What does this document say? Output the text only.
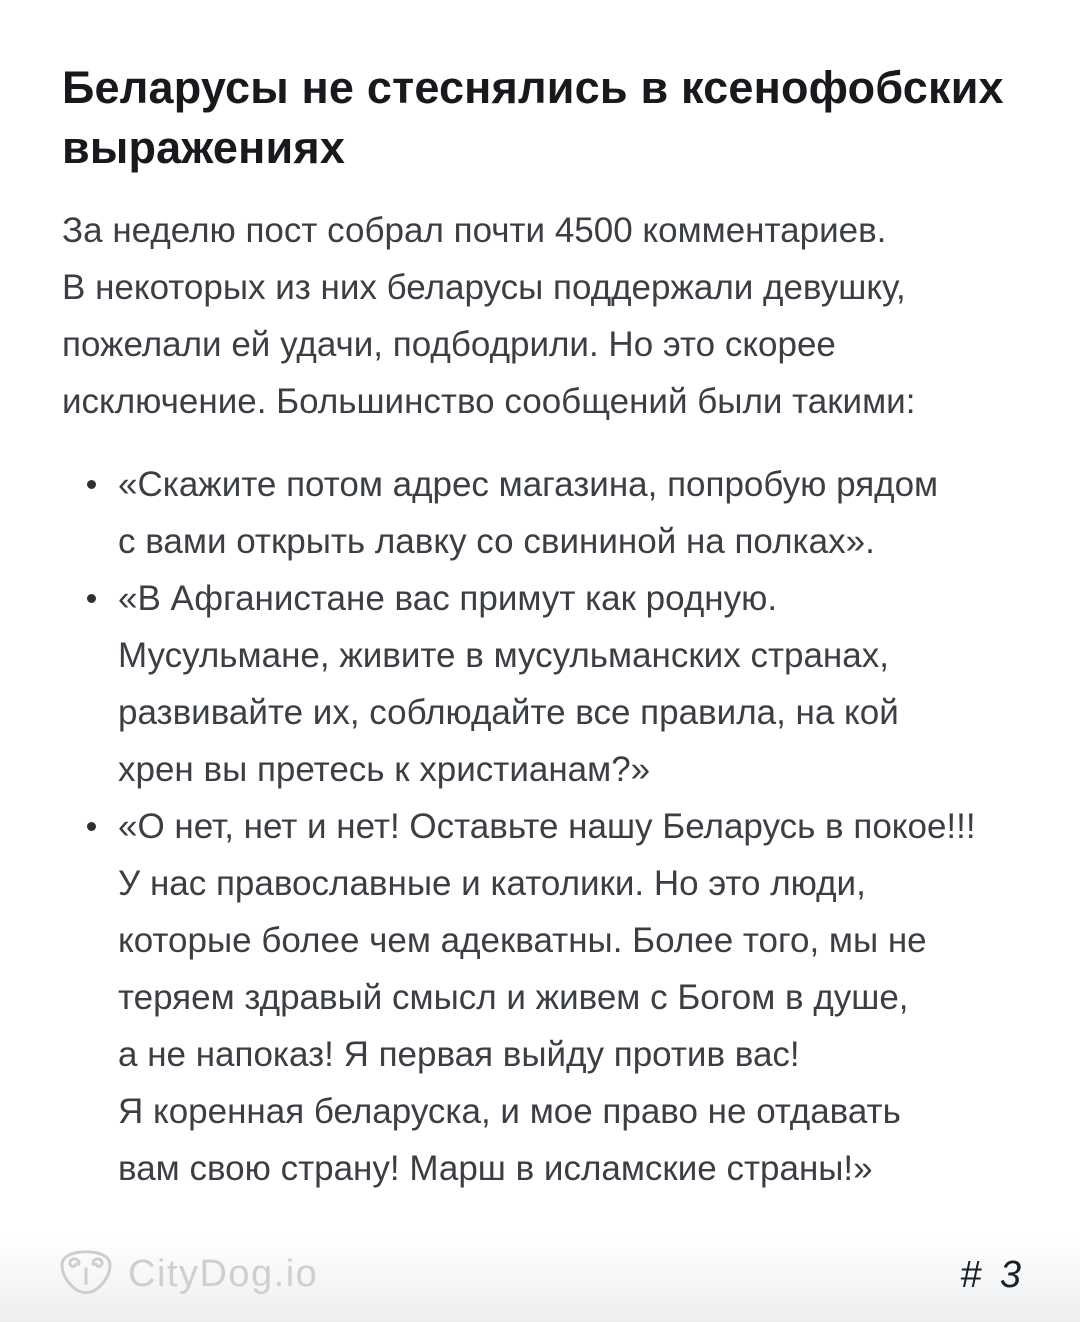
Беларусы не стеснялись в ксенофобских
выражениях
За неделю пост собрал почти 4500 комментариев.
В некоторых из них беларусы поддержали девушку,
пожелали ей удачи, подбодрили. Но это скорее
исключение. Большинство сообщений были такими:
«Скажите потом адрес магазина, попробую рядом
с вами открыть лавку со свининой на полках».
«В Афганистане вас примут как родную.
Мусульмане, живите в мусульманских странах,
развивайте их, соблюдайте все правила, на кой
хрен вы претесь к христианам?»
«О нет, нет и нет! Оставьте нашу Беларусь в покое!!!
У нас православные и католики. Но это люди,
которые более чем адекватны. Более того, мы не
теряем здравый смысл и живем с Богом в душе,
а не напоказ! Я первая выйду против вас!
Я коренная беларуска, и мое право не отдавать
вам свою страну! Марш в исламские страны!»
CityDog.io	# 3
